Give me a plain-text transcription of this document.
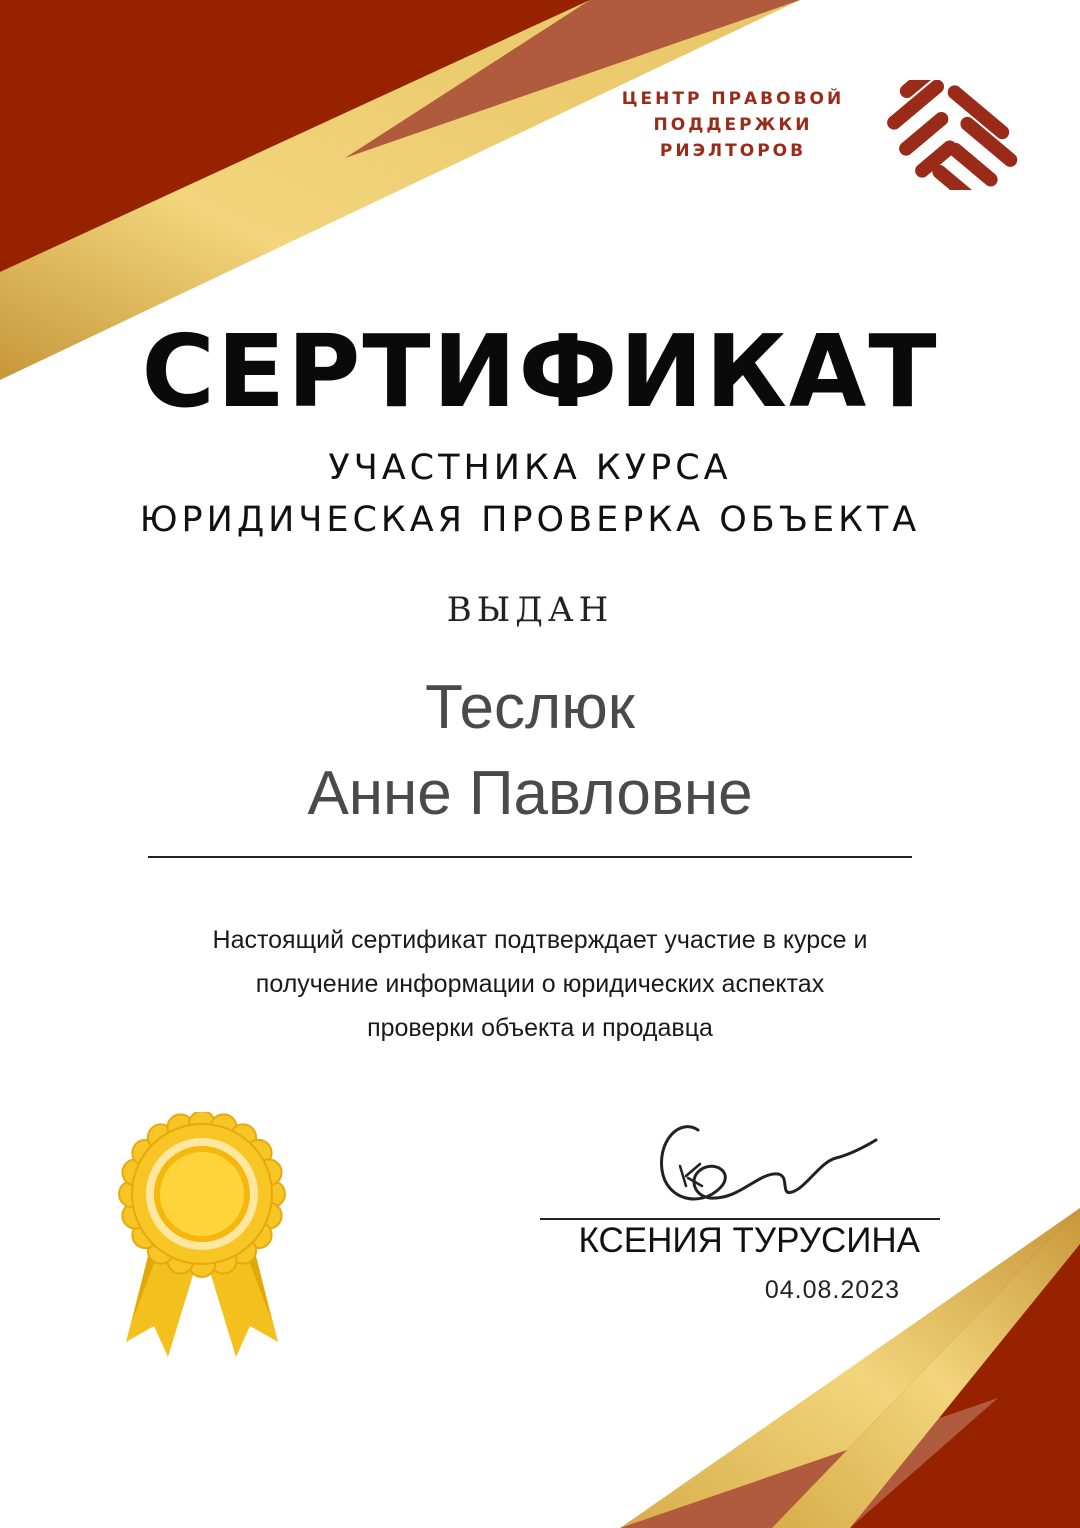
ЦЕНТР ПРАВОВОЙ
ПОДДЕРЖКИ
РИЭЛТОРОВ
СЕРТИФИКАТ
УЧАСТНИКА КУРСА
ЮРИДИЧЕСКАЯ ПРОВЕРКА ОБЪЕКТА
ВЫДАН
Теслюк
Анне Павловне
Настоящий сертификат подтверждает участие в курсе и
получение информации о юридических аспектах
проверки объекта и продавца
КСЕНИЯ ТУРУСИНА
04.08.2023
